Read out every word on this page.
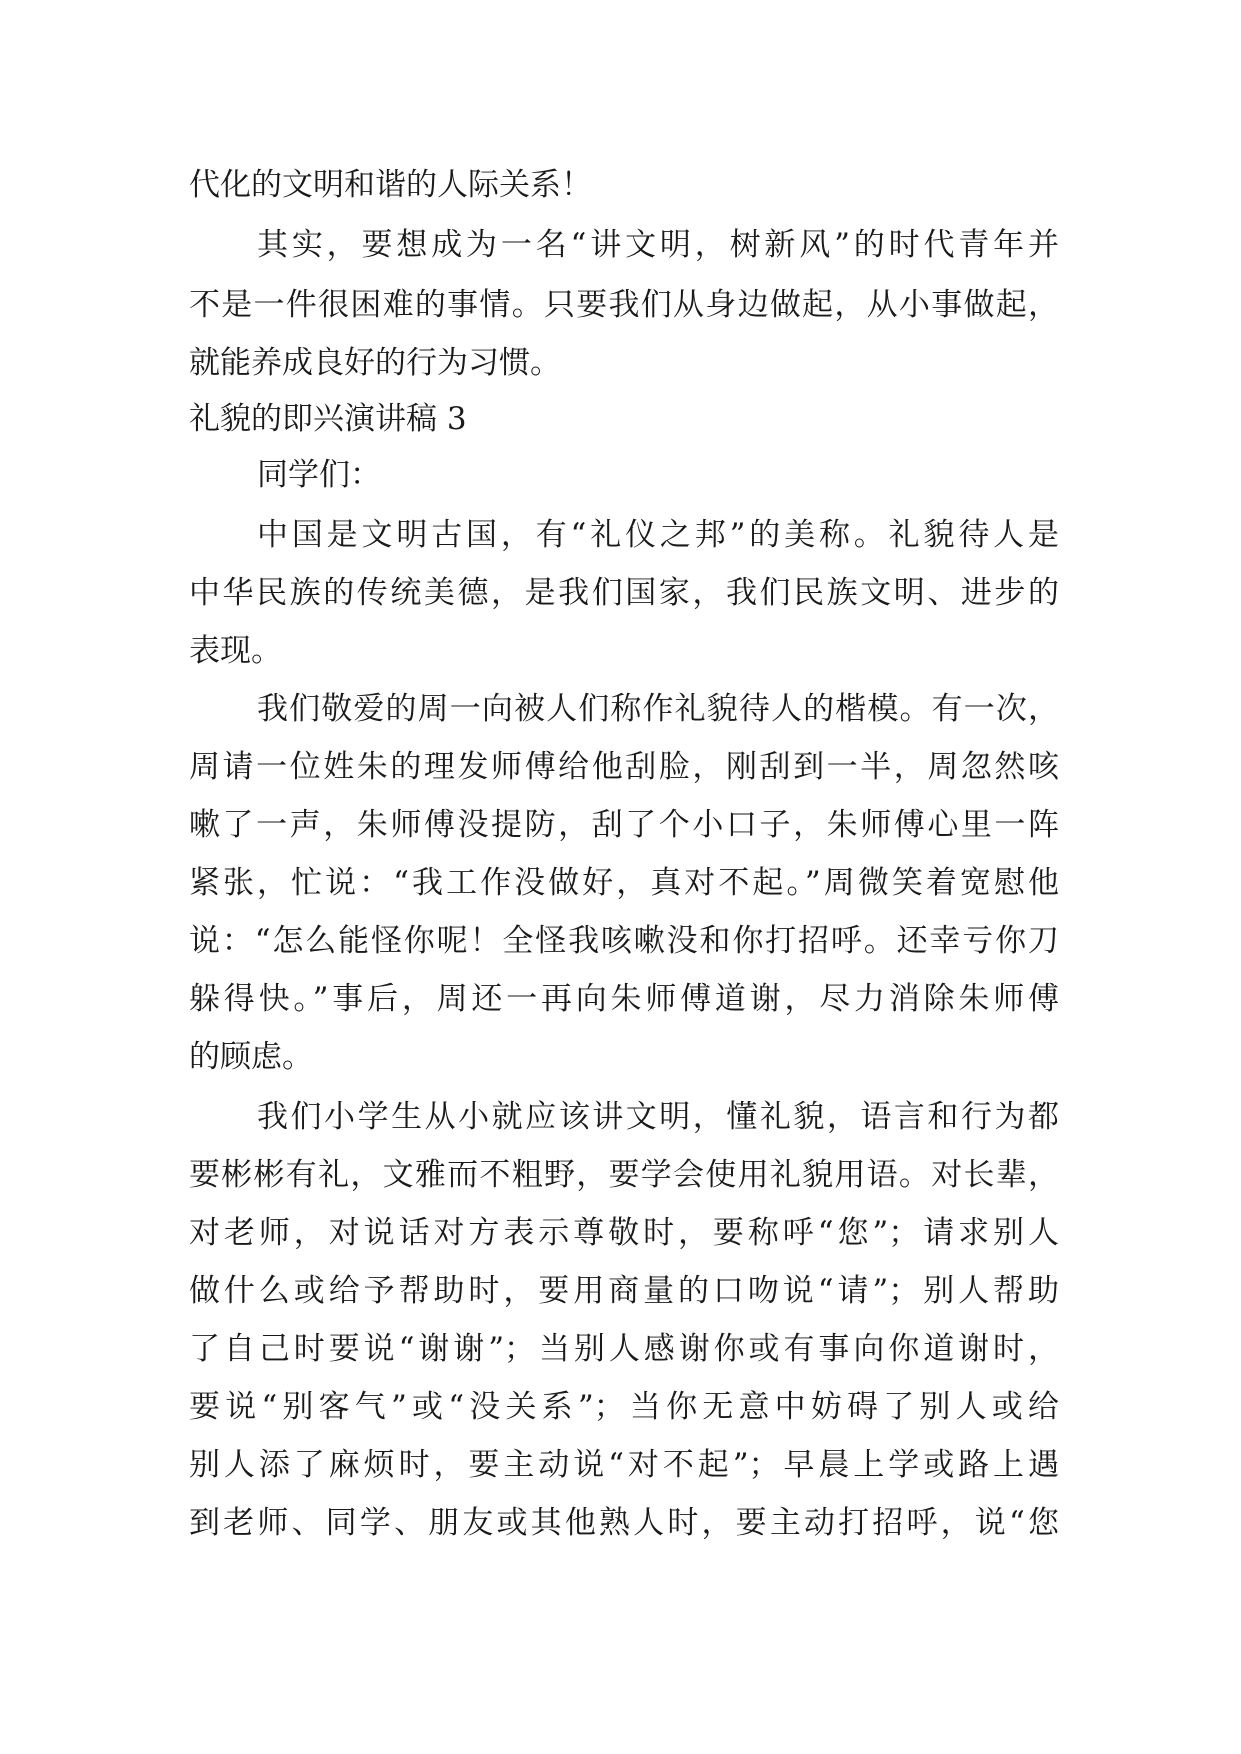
代化的文明和谐的人际关系！
其实，要想成为一名“讲文明，树新风”的时代青年并
不是一件很困难的事情。只要我们从身边做起，从小事做起，
就能养成良好的行为习惯。
礼貌的即兴演讲稿 3
同学们：
中国是文明古国，有“礼仪之邦”的美称。礼貌待人是
中华民族的传统美德，是我们国家，我们民族文明、进步的
表现。
我们敬爱的周一向被人们称作礼貌待人的楷模。有一次，
周请一位姓朱的理发师傅给他刮脸，刚刮到一半，周忽然咳
嗽了一声，朱师傅没提防，刮了个小口子，朱师傅心里一阵
紧张，忙说：“我工作没做好，真对不起。”周微笑着宽慰他
说：“怎么能怪你呢！全怪我咳嗽没和你打招呼。还幸亏你刀
躲得快。”事后，周还一再向朱师傅道谢，尽力消除朱师傅
的顾虑。
我们小学生从小就应该讲文明，懂礼貌，语言和行为都
要彬彬有礼，文雅而不粗野，要学会使用礼貌用语。对长辈，
对老师，对说话对方表示尊敬时，要称呼“您”；请求别人
做什么或给予帮助时，要用商量的口吻说“请”；别人帮助
了自己时要说“谢谢”；当别人感谢你或有事向你道谢时，
要说“别客气”或“没关系”；当你无意中妨碍了别人或给
别人添了麻烦时，要主动说“对不起”；早晨上学或路上遇
到老师、同学、朋友或其他熟人时，要主动打招呼，说“您
